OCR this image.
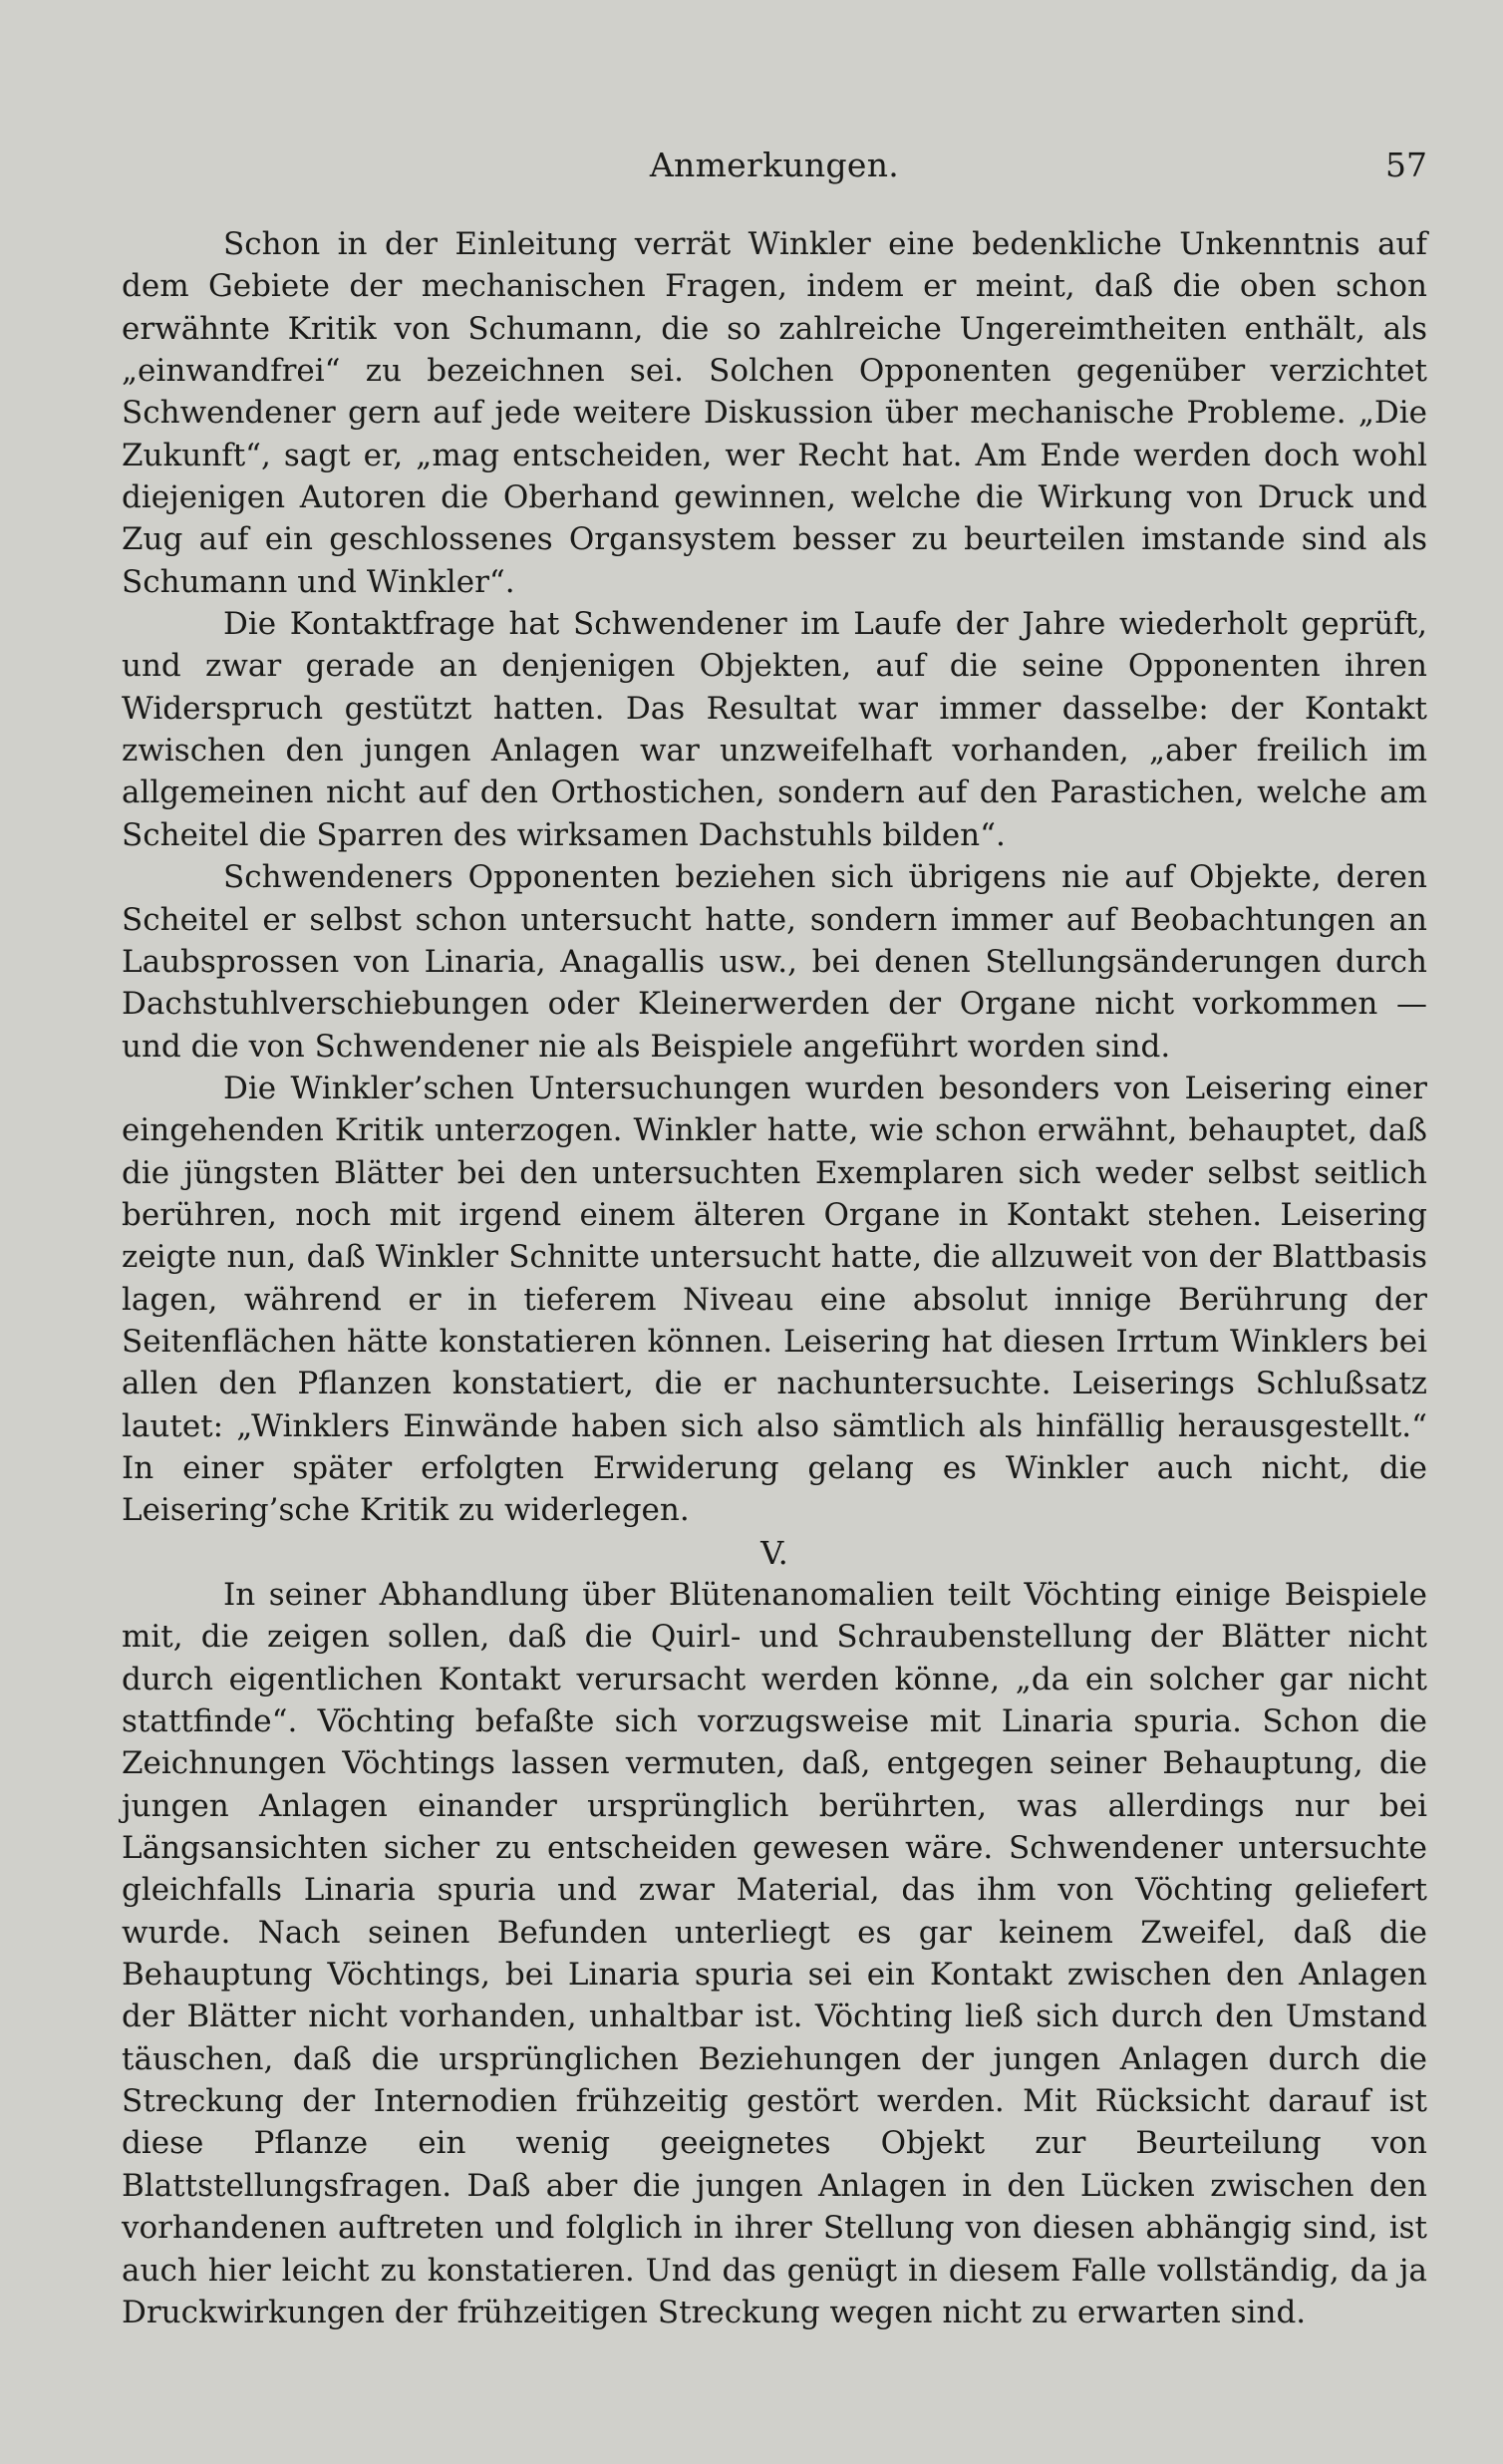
Anmerkungen.	57

Schon in der Einleitung verrät Winkler eine bedenkliche Unkenntnis auf dem Gebiete der mechanischen Fragen, indem er meint, daß die oben schon erwähnte Kritik von Schumann, die so zahlreiche Ungereimtheiten enthält, als „einwandfrei“ zu bezeichnen sei. Solchen Opponenten gegenüber verzichtet Schwendener gern auf jede weitere Diskussion über mechanische Probleme. „Die Zukunft“, sagt er, „mag entscheiden, wer Recht hat. Am Ende werden doch wohl diejenigen Autoren die Oberhand gewinnen, welche die Wirkung von Druck und Zug auf ein geschlossenes Organsystem besser zu beurteilen imstande sind als Schumann und Winkler“.

Die Kontaktfrage hat Schwendener im Laufe der Jahre wiederholt geprüft, und zwar gerade an denjenigen Objekten, auf die seine Opponenten ihren Widerspruch gestützt hatten. Das Resultat war immer dasselbe: der Kontakt zwischen den jungen Anlagen war unzweifelhaft vorhanden, „aber freilich im allgemeinen nicht auf den Orthostichen, sondern auf den Parastichen, welche am Scheitel die Sparren des wirksamen Dachstuhls bilden“.

Schwendeners Opponenten beziehen sich übrigens nie auf Objekte, deren Scheitel er selbst schon untersucht hatte, sondern immer auf Beobachtungen an Laubsprossen von Linaria, Anagallis usw., bei denen Stellungsänderungen durch Dachstuhlverschiebungen oder Kleinerwerden der Organe nicht vorkommen — und die von Schwendener nie als Beispiele angeführt worden sind.

Die Winkler’schen Untersuchungen wurden besonders von Leisering einer eingehenden Kritik unterzogen. Winkler hatte, wie schon erwähnt, behauptet, daß die jüngsten Blätter bei den untersuchten Exemplaren sich weder selbst seitlich berühren, noch mit irgend einem älteren Organe in Kontakt stehen. Leisering zeigte nun, daß Winkler Schnitte untersucht hatte, die allzuweit von der Blattbasis lagen, während er in tieferem Niveau eine absolut innige Berührung der Seitenflächen hätte konstatieren können. Leisering hat diesen Irrtum Winklers bei allen den Pflanzen konstatiert, die er nachuntersuchte. Leiserings Schlußsatz lautet: „Winklers Einwände haben sich also sämtlich als hinfällig herausgestellt.“ In einer später erfolgten Erwiderung gelang es Winkler auch nicht, die Leisering’sche Kritik zu widerlegen.

V.

In seiner Abhandlung über Blütenanomalien teilt Vöchting einige Beispiele mit, die zeigen sollen, daß die Quirl- und Schraubenstellung der Blätter nicht durch eigentlichen Kontakt verursacht werden könne, „da ein solcher gar nicht stattfinde“. Vöchting befaßte sich vorzugsweise mit Linaria spuria. Schon die Zeichnungen Vöchtings lassen vermuten, daß, entgegen seiner Behauptung, die jungen Anlagen einander ursprünglich berührten, was allerdings nur bei Längsansichten sicher zu entscheiden gewesen wäre. Schwendener untersuchte gleichfalls Linaria spuria und zwar Material, das ihm von Vöchting geliefert wurde. Nach seinen Befunden unterliegt es gar keinem Zweifel, daß die Behauptung Vöchtings, bei Linaria spuria sei ein Kontakt zwischen den Anlagen der Blätter nicht vorhanden, unhaltbar ist. Vöchting ließ sich durch den Umstand täuschen, daß die ursprünglichen Beziehungen der jungen Anlagen durch die Streckung der Internodien frühzeitig gestört werden. Mit Rücksicht darauf ist diese Pflanze ein wenig geeignetes Objekt zur Beurteilung von Blattstellungsfragen. Daß aber die jungen Anlagen in den Lücken zwischen den vorhandenen auftreten und folglich in ihrer Stellung von diesen abhängig sind, ist auch hier leicht zu konstatieren. Und das genügt in diesem Falle vollständig, da ja Druckwirkungen der frühzeitigen Streckung wegen nicht zu erwarten sind.
